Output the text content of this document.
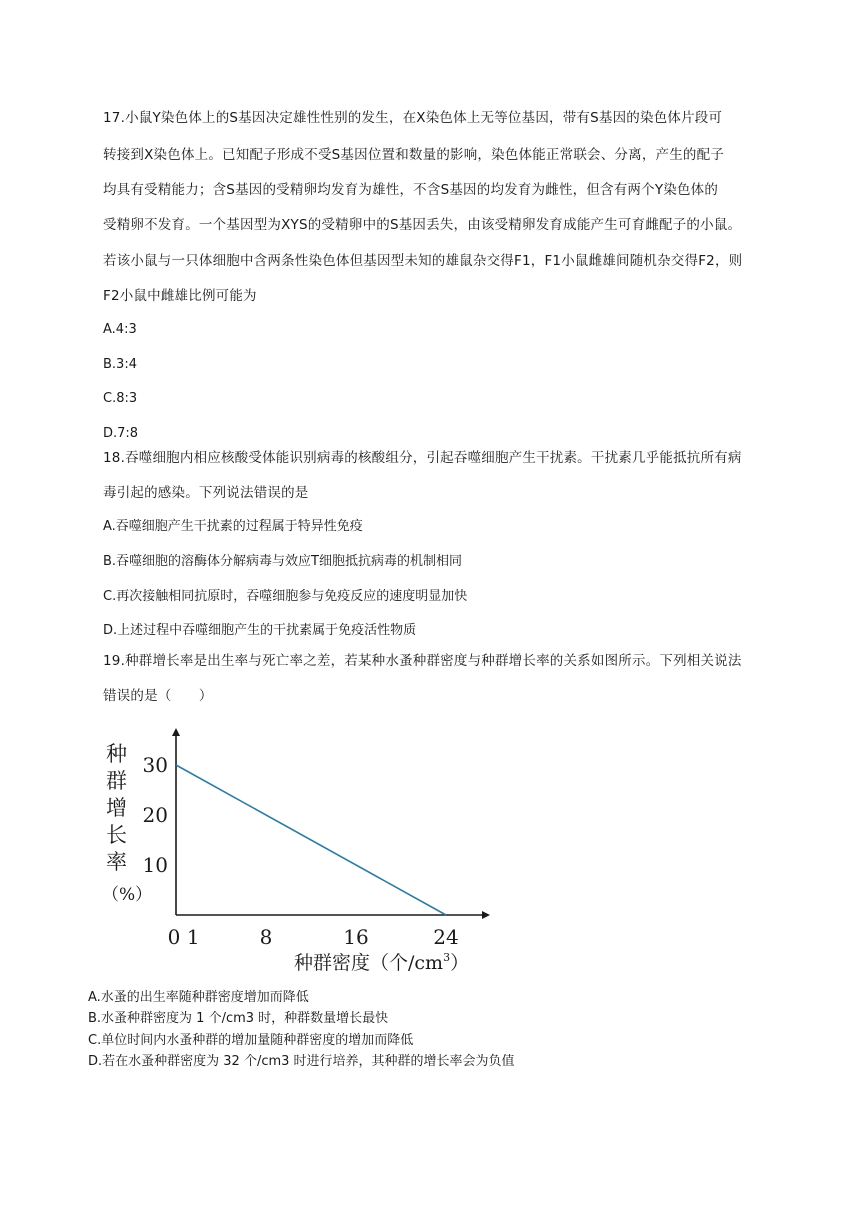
17.小鼠Y染色体上的S基因决定雄性性别的发生，在X染色体上无等位基因，带有S基因的染色体片段可
转接到X染色体上。已知配子形成不受S基因位置和数量的影响，染色体能正常联会、分离，产生的配子
均具有受精能力；含S基因的受精卵均发育为雄性，不含S基因的均发育为雌性，但含有两个Y染色体的
受精卵不发育。一个基因型为XYS的受精卵中的S基因丢失，由该受精卵发育成能产生可育雌配子的小鼠。
若该小鼠与一只体细胞中含两条性染色体但基因型未知的雄鼠杂交得F1，F1小鼠雌雄间随机杂交得F2，则
F2小鼠中雌雄比例可能为
A.4:3
B.3:4
C.8:3
D.7:8
18.吞噬细胞内相应核酸受体能识别病毒的核酸组分，引起吞噬细胞产生干扰素。干扰素几乎能抵抗所有病
毒引起的感染。下列说法错误的是
A.吞噬细胞产生干扰素的过程属于特异性免疫
B.吞噬细胞的溶酶体分解病毒与效应T细胞抵抗病毒的机制相同
C.再次接触相同抗原时，吞噬细胞参与免疫反应的速度明显加快
D.上述过程中吞噬细胞产生的干扰素属于免疫活性物质
19.种群增长率是出生率与死亡率之差，若某种水蚤种群密度与种群增长率的关系如图所示。下列相关说法
错误的是（　　）
种
群
增
长
率
（%）
10
20
30
0 1	8	16	24
种群密度（个$/cm^3$）
A.水蚤的出生率随种群密度增加而降低
B.水蚤种群密度为 1 个/cm3 时，种群数量增长最快
C.单位时间内水蚤种群的增加量随种群密度的增加而降低
D.若在水蚤种群密度为 32 个/cm3 时进行培养，其种群的增长率会为负值
